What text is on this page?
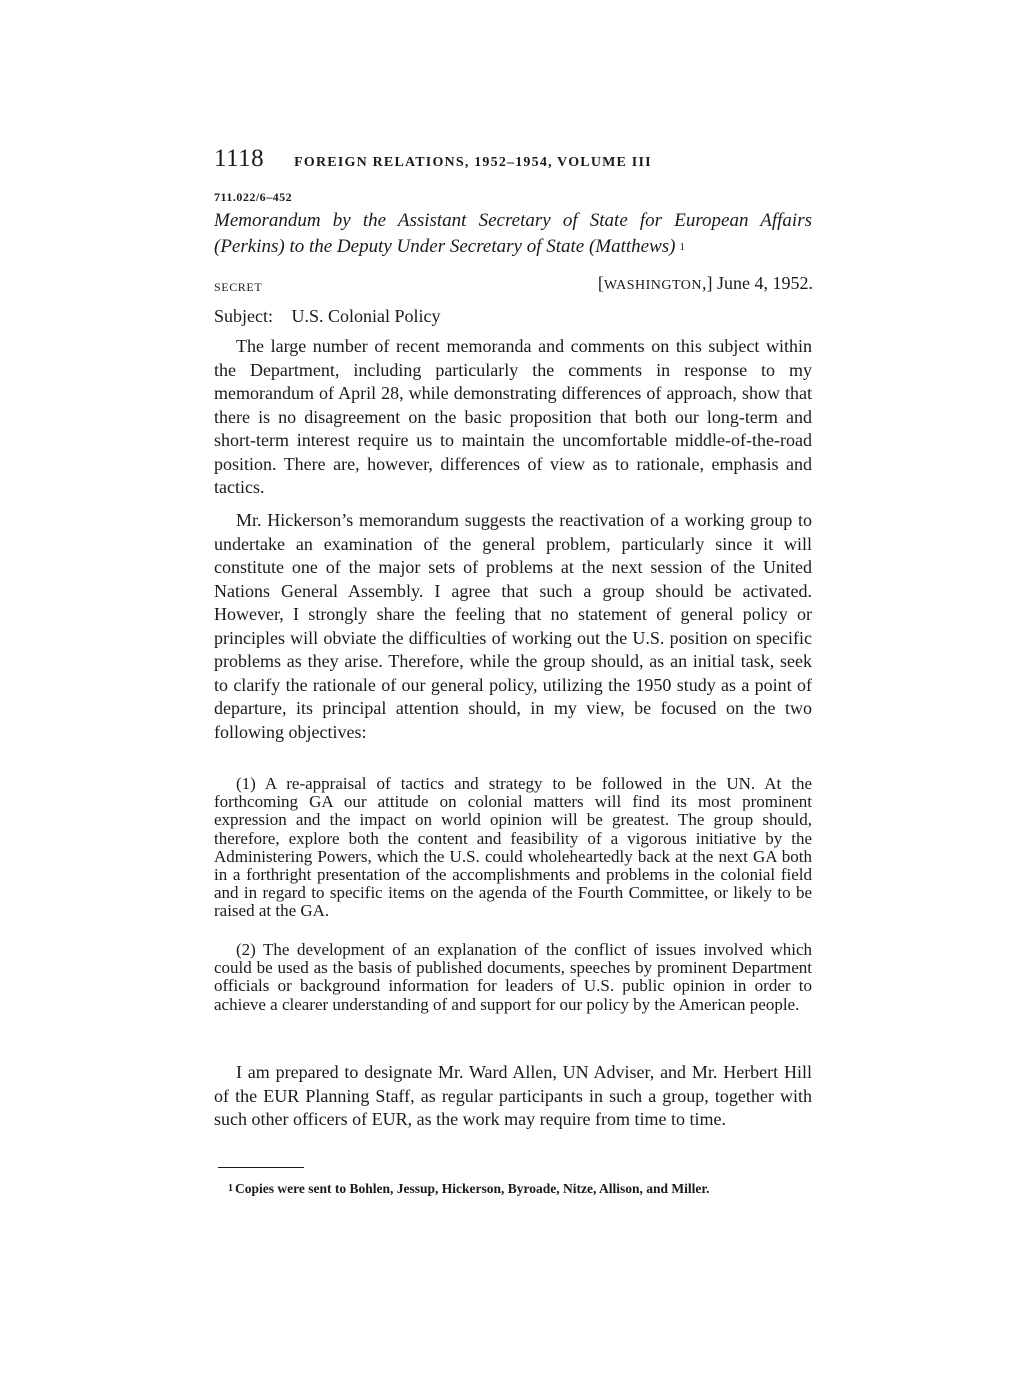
1118 FOREIGN RELATIONS, 1952–1954, VOLUME III
711.022/6–452
Memorandum by the Assistant Secretary of State for European Affairs (Perkins) to the Deputy Under Secretary of State (Matthews) $^1$
SECRET	[WASHINGTON,] June 4, 1952.
Subject: U.S. Colonial Policy

The large number of recent memoranda and comments on this subject within the Department, including particularly the comments in response to my memorandum of April 28, while demonstrating differences of approach, show that there is no disagreement on the basic proposition that both our long-term and short-term interest require us to maintain the uncomfortable middle-of-the-road position. There are, however, differences of view as to rationale, emphasis and tactics.

Mr. Hickerson’s memorandum suggests the reactivation of a working group to undertake an examination of the general problem, particularly since it will constitute one of the major sets of problems at the next session of the United Nations General Assembly. I agree that such a group should be activated. However, I strongly share the feeling that no statement of general policy or principles will obviate the difficulties of working out the U.S. position on specific problems as they arise. Therefore, while the group should, as an initial task, seek to clarify the rationale of our general policy, utilizing the 1950 study as a point of departure, its principal attention should, in my view, be focused on the two following objectives:

(1) A re-appraisal of tactics and strategy to be followed in the UN. At the forthcoming GA our attitude on colonial matters will find its most prominent expression and the impact on world opinion will be greatest. The group should, therefore, explore both the content and feasibility of a vigorous initiative by the Administering Powers, which the U.S. could wholeheartedly back at the next GA both in a forthright presentation of the accomplishments and problems in the colonial field and in regard to specific items on the agenda of the Fourth Committee, or likely to be raised at the GA.

(2) The development of an explanation of the conflict of issues involved which could be used as the basis of published documents, speeches by prominent Department officials or background information for leaders of U.S. public opinion in order to achieve a clearer understanding of and support for our policy by the American people.

I am prepared to designate Mr. Ward Allen, UN Adviser, and Mr. Herbert Hill of the EUR Planning Staff, as regular participants in such a group, together with such other officers of EUR, as the work may require from time to time.

$^1$ Copies were sent to Bohlen, Jessup, Hickerson, Byroade, Nitze, Allison, and Miller.
